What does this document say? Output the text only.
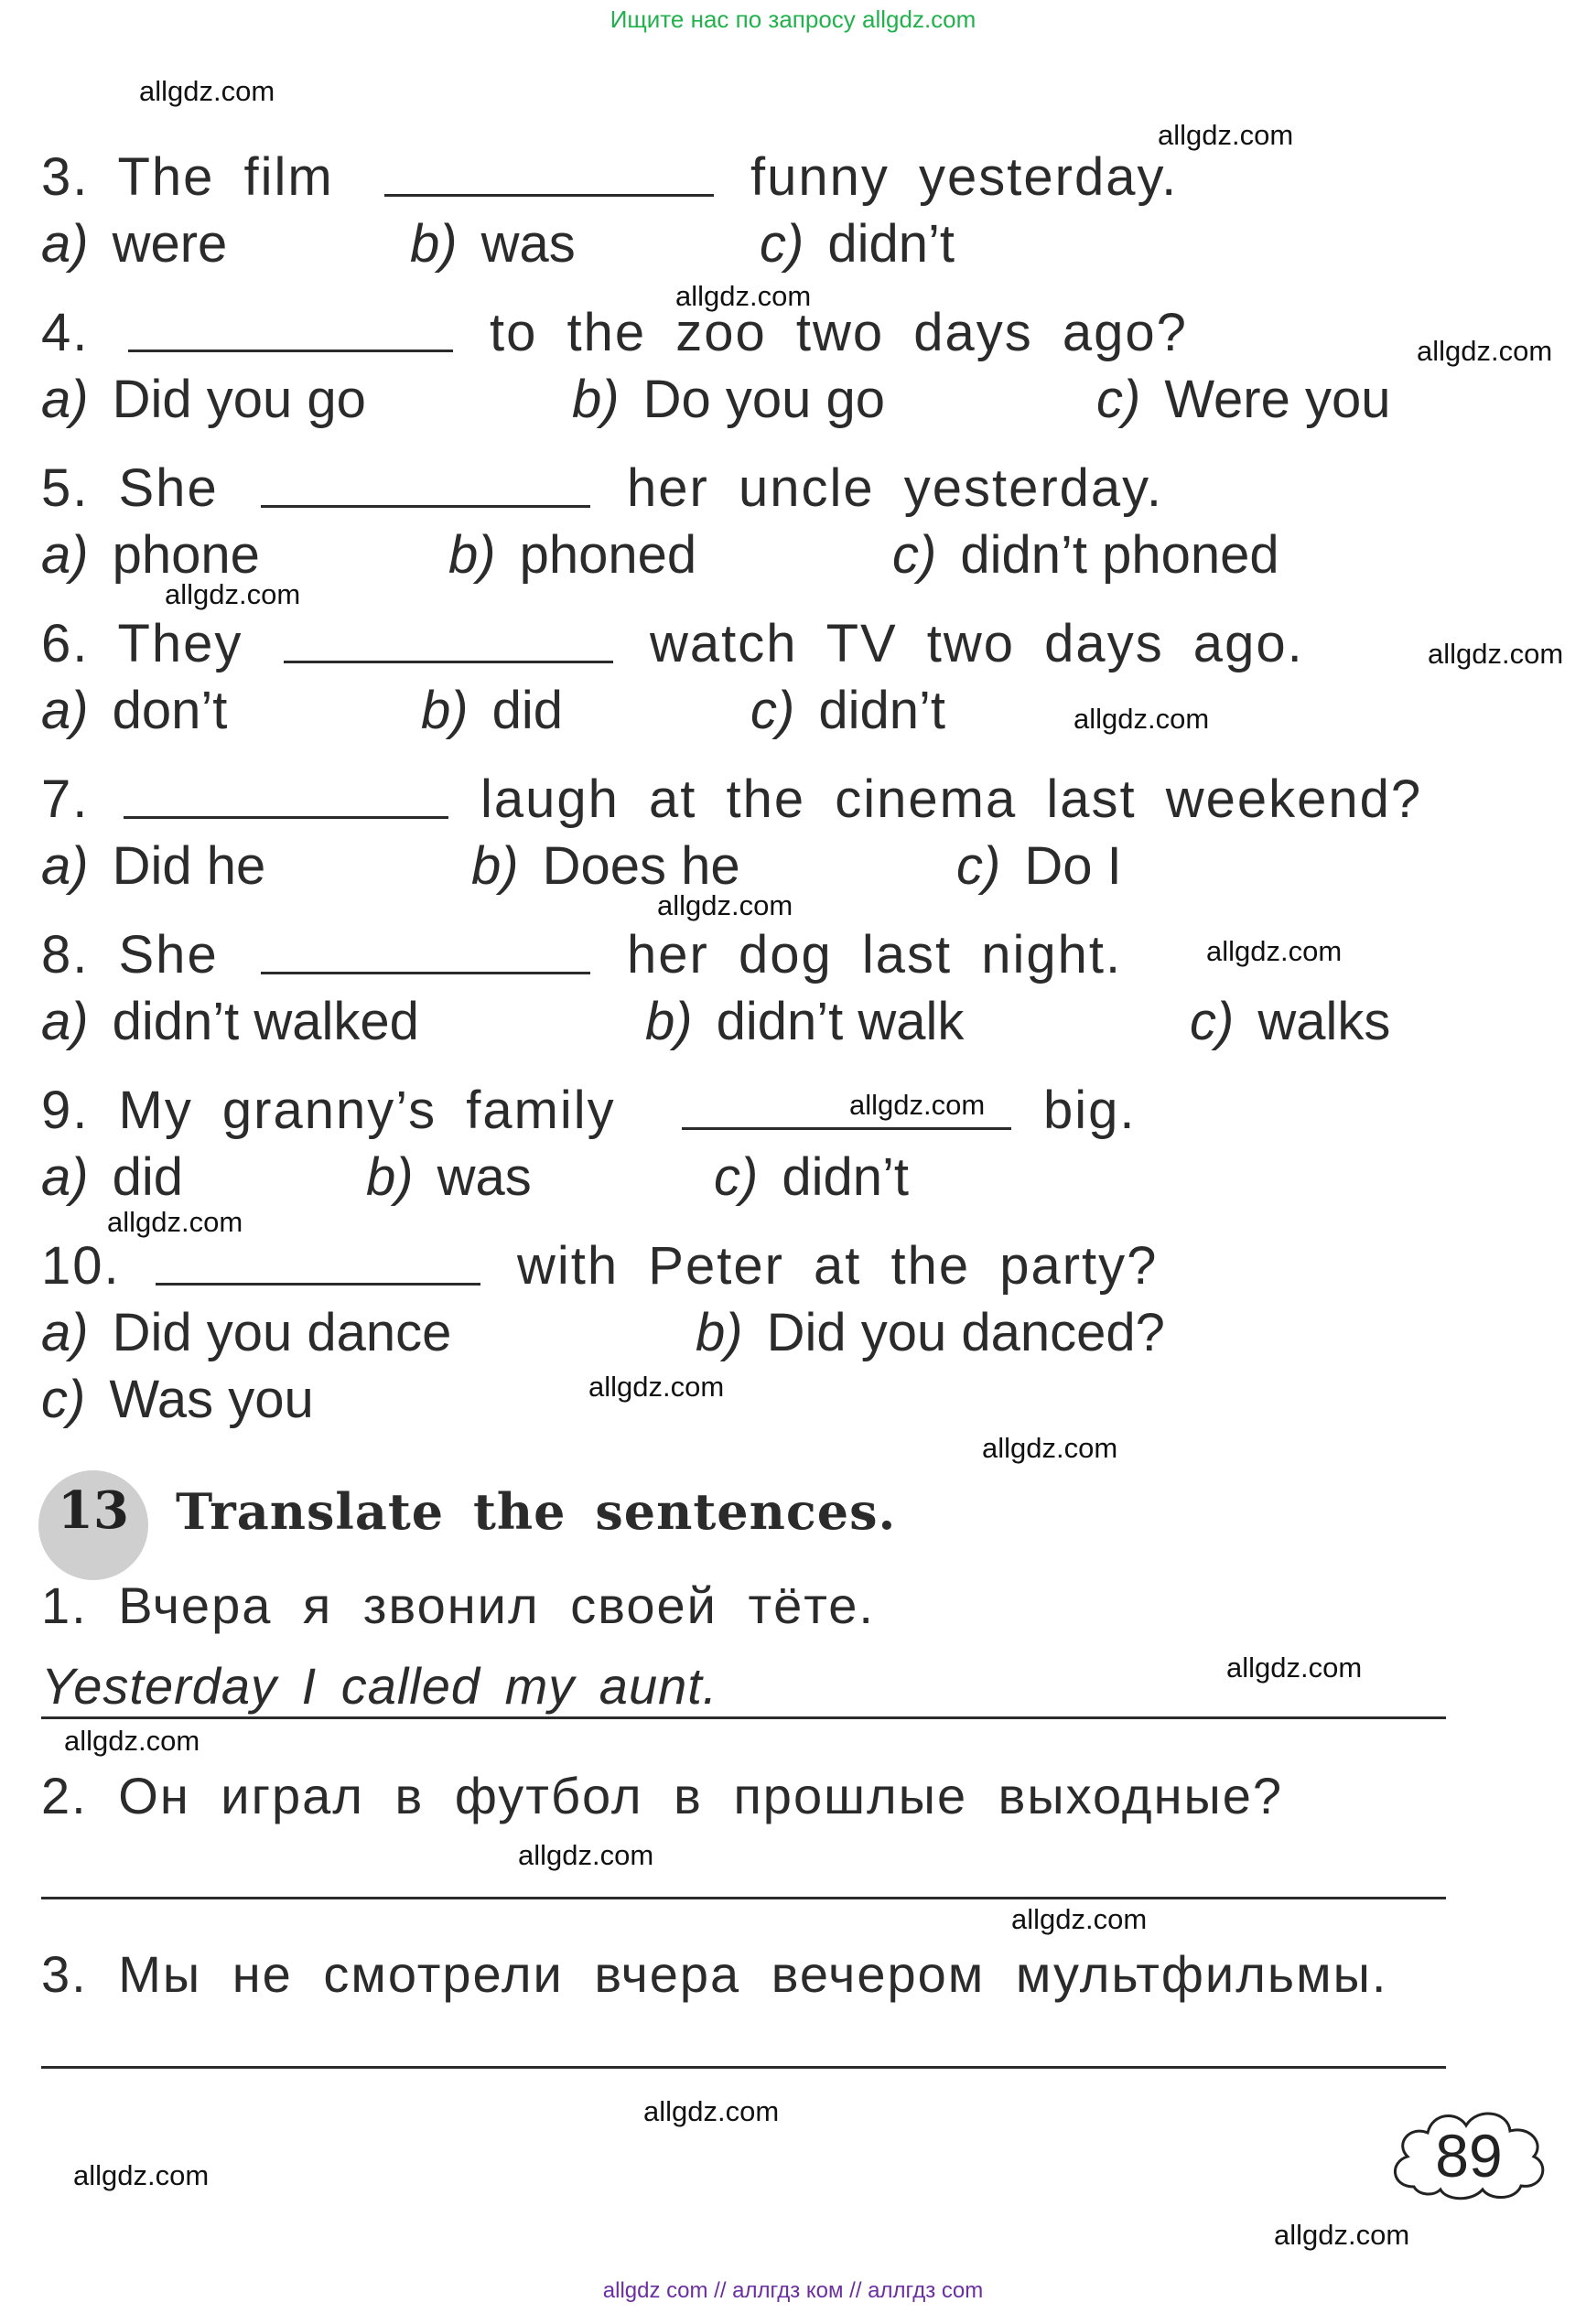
Ищите нас по запросу allgdz.com
allgdz.com
allgdz.com
allgdz.com
allgdz.com
allgdz.com
allgdz.com
allgdz.com
allgdz.com
allgdz.com
allgdz.com
allgdz.com
allgdz.com
allgdz.com
allgdz.com
allgdz.com
allgdz.com
allgdz.com
allgdz.com
allgdz.com
allgdz.com
3. The film	funny yesterday.
a) were	b) was	c) didn’t
4.	to the zoo two days ago?
a) Did you go	b) Do you go	c) Were you
5. She	her uncle yesterday.
a) phone	b) phoned	c) didn’t phoned
6. They	watch TV two days ago.
a) don’t	b) did	c) didn’t
7.	laugh at the cinema last weekend?
a) Did he	b) Does he	c) Do I
8. She	her dog last night.
a) didn’t walked	b) didn’t walk	c) walks
9. My granny’s family	big.
a) did	b) was	c) didn’t
10.	with Peter at the party?
a) Did you dance	b) Did you danced?
c) Was you
13 Translate the sentences.
1. Вчера я звонил своей тёте.
Yesterday I called my aunt.
2. Он играл в футбол в прошлые выходные?
3. Мы не смотрели вчера вечером мультфильмы.
89
allgdz com // аллгдз ком // аллгдз com
